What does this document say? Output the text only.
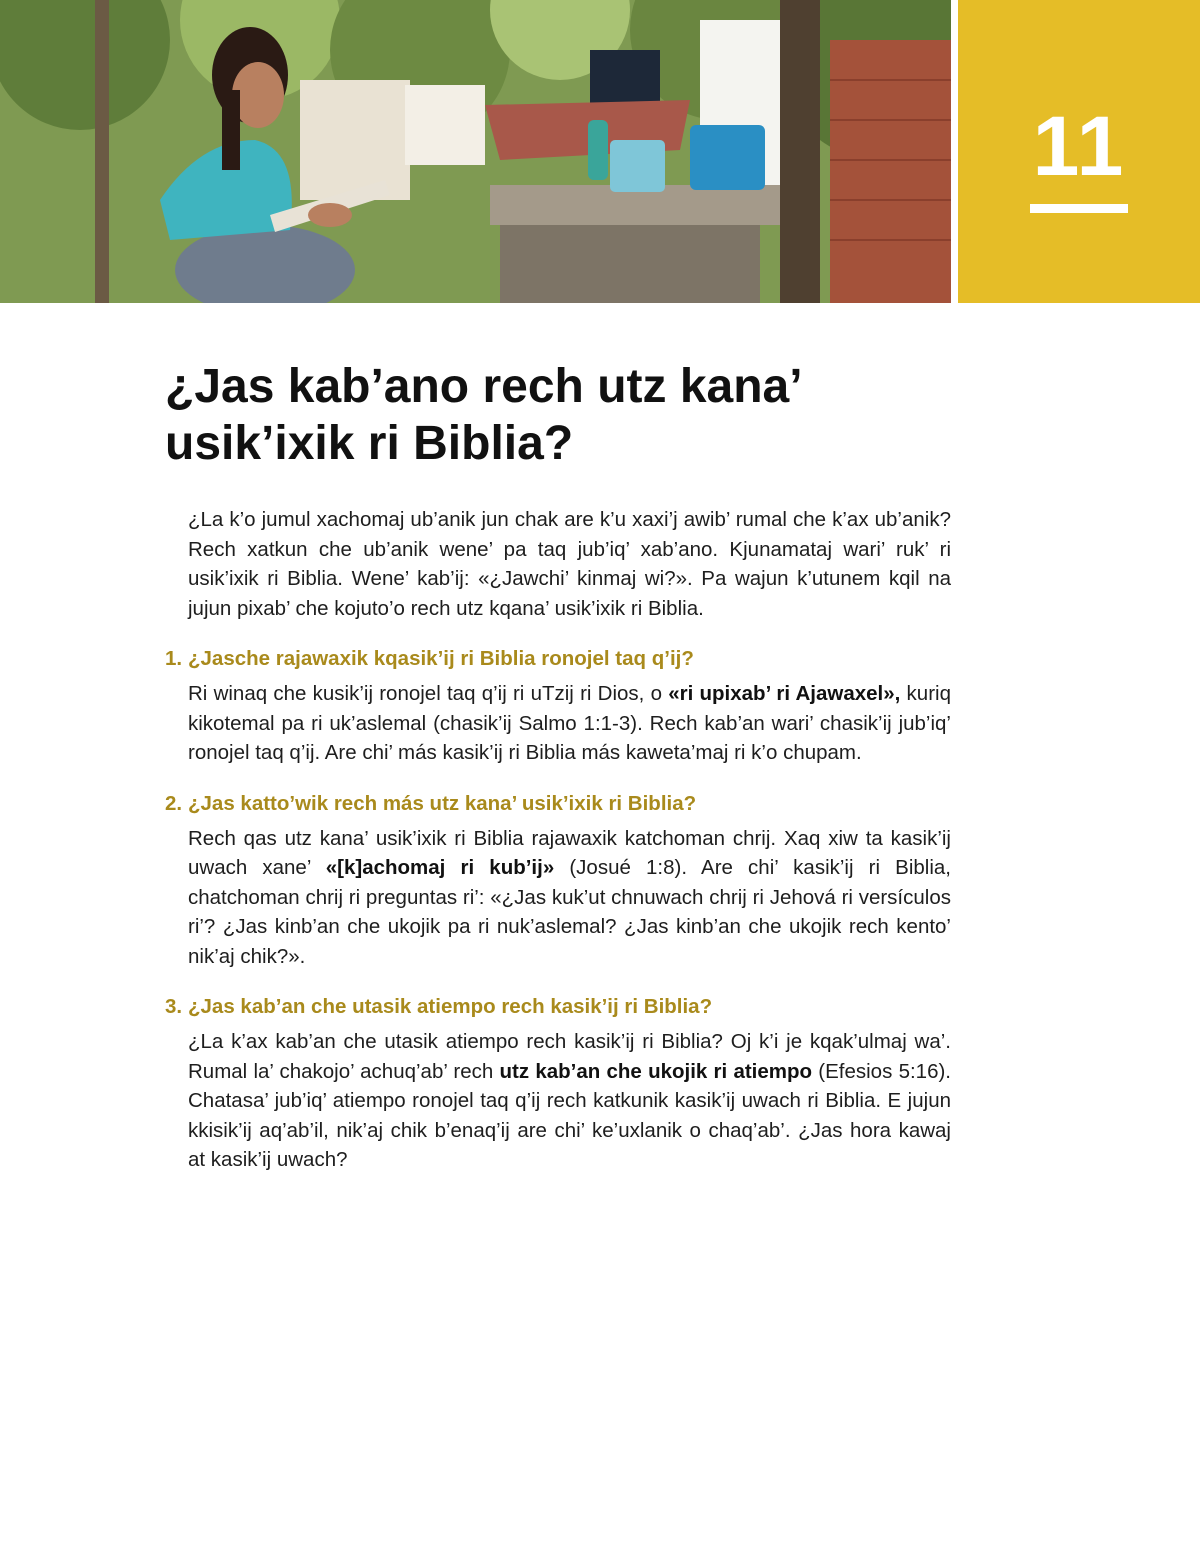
11
¿Jas kab’ano rech utz kana’ usik’ixik ri Biblia?

¿La k’o jumul xachomaj ub’anik jun chak are k’u xaxi’j awib’ rumal che k’ax ub’anik? Rech xatkun che ub’anik wene’ pa taq jub’iq’ xab’ano. Kjunamataj wari’ ruk’ ri usik’ixik ri Biblia. Wene’ kab’ij: «¿Jawchi’ kinmaj wi?». Pa wajun k’utunem kqil na jujun pixab’ che kojuto’o rech utz kqana’ usik’ixik ri Biblia.

1. ¿Jasche rajawaxik kqasik’ij ri Biblia ronojel taq q’ij?

Ri winaq che kusik’ij ronojel taq q’ij ri uTzij ri Dios, o «ri upixab’ ri Ajawaxel», kuriq kikotemal pa ri uk’aslemal (chasik’ij Salmo 1:1-3). Rech kab’an wari’ chasik’ij jub’iq’ ronojel taq q’ij. Are chi’ más kasik’ij ri Biblia más kaweta’maj ri k’o chupam.

2. ¿Jas katto’wik rech más utz kana’ usik’ixik ri Biblia?

Rech qas utz kana’ usik’ixik ri Biblia rajawaxik katchoman chrij. Xaq xiw ta kasik’ij uwach xane’ «[k]achomaj ri kub’ij» (Josué 1:8). Are chi’ kasik’ij ri Biblia, chatchoman chrij ri preguntas ri’: «¿Jas kuk’ut chnuwach chrij ri Jehová ri versículos ri’? ¿Jas kinb’an che ukojik pa ri nuk’aslemal? ¿Jas kinb’an che ukojik rech kento’ nik’aj chik?».

3. ¿Jas kab’an che utasik atiempo rech kasik’ij ri Biblia?

¿La k’ax kab’an che utasik atiempo rech kasik’ij ri Biblia? Oj k’i je kqak’ulmaj wa’. Rumal la’ chakojo’ achuq’ab’ rech utz kab’an che ukojik ri atiempo (Efesios 5:16). Chatasa’ jub’iq’ atiempo ronojel taq q’ij rech katkunik kasik’ij uwach ri Biblia. E jujun kkisik’ij aq’ab’il, nik’aj chik b’enaq’ij are chi’ ke’uxlanik o chaq’ab’. ¿Jas hora kawaj at kasik’ij uwach?
